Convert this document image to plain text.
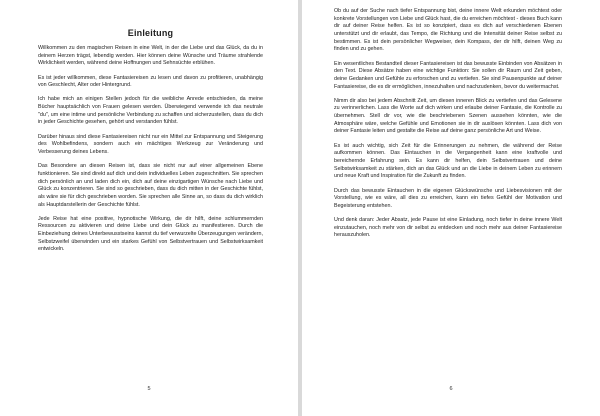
Einleitung

Willkommen zu den magischen Reisen in eine Welt, in der die Liebe und das Glück, da du in deinem Herzen trägst, lebendig werden. Hier können deine Wünsche und Träume strahlende Wirklichkeit werden, während deine Hoffnungen und Sehnsüchte erblühen.

Es ist jeder willkommen, diese Fantasiereisen zu lesen und davon zu profitieren, unabhängig von Geschlecht, Alter oder Hintergrund.

Ich habe mich an einigen Stellen jedoch für die weibliche Anrede entschieden, da meine Bücher hauptsächlich von Frauen gelesen werden. Überwiegend verwende ich das neutrale "du", um eine intime und persönliche Verbindung zu schaffen und sicherzustellen, dass du dich in jeder Geschichte gesehen, gehört und verstanden fühlst.

Darüber hinaus sind diese Fantasiereisen nicht nur ein Mittel zur Entspannung und Steigerung des Wohlbefindens, sondern auch ein mächtiges Werkzeug zur Veränderung und Verbesserung deines Lebens.

Das Besondere an diesen Reisen ist, dass sie nicht nur auf einer allgemeinen Ebene funktionieren. Sie sind direkt auf dich und dein individuelles Leben zugeschnitten. Sie sprechen dich persönlich an und laden dich ein, dich auf deine einzigartigen Wünsche nach Liebe und Glück zu konzentrieren. Sie sind so geschrieben, dass du dich mitten in der Geschichte fühlst, als wäre sie für dich geschrieben worden. Sie sprechen alle Sinne an, so dass du dich wirklich als Hauptdarstellerin der Geschichte fühlst.

Jede Reise hat eine positive, hypnotische Wirkung, die dir hilft, deine schlummernden Ressourcen zu aktivieren und deine Liebe und dein Glück zu manifestieren. Durch die Einbeziehung deines Unterbewusstseins kannst du tief verwurzelte Überzeugungen verändern, Selbstzweifel überwinden und ein starkes Gefühl von Selbstvertrauen und Selbstwirksamkeit entwickeln.

5

Ob du auf der Suche nach tiefer Entspannung bist, deine innere Welt erkunden möchtest oder konkrete Vorstellungen von Liebe und Glück hast, die du erreichen möchtest - dieses Buch kann dir auf deiner Reise helfen. Es ist so konzipiert, dass es dich auf verschiedenen Ebenen unterstützt und dir erlaubt, das Tempo, die Richtung und die Intensität deiner Reise selbst zu bestimmen. Es ist dein persönlicher Wegweiser, dein Kompass, der dir hilft, deinen Weg zu finden und zu gehen.

Ein wesentliches Bestandteil dieser Fantasiereisen ist das bewusste Einbinden von Absätzen in den Text. Diese Absätze haben eine wichtige Funktion: Sie sollen dir Raum und Zeit geben, deine Gedanken und Gefühle zu erforschen und zu vertiefen. Sie sind Pausenpunkte auf deiner Fantasiereise, die es dir ermöglichen, innezuhalten und nachzudenken, bevor du weitermachst.

Nimm dir also bei jedem Abschnitt Zeit, um diesen inneren Blick zu vertiefen und das Gelesene zu verinnerlichen. Lass die Worte auf dich wirken und erlaube deiner Fantasie, die Kontrolle zu übernehmen. Stell dir vor, wie die beschriebenen Szenen aussehen könnten, wie die Atmosphäre wäre, welche Gefühle und Emotionen sie in dir auslösen könnten. Lass dich von deiner Fantasie leiten und gestalte die Reise auf deine ganz persönliche Art und Weise.

Es ist auch wichtig, sich Zeit für die Erinnerungen zu nehmen, die während der Reise aufkommen können. Das Eintauchen in die Vergangenheit kann eine kraftvolle und bereichernde Erfahrung sein. Es kann dir helfen, dein Selbstvertrauen und deine Selbstwirksamkeit zu stärken, dich an das Glück und an die Liebe in deinem Leben zu erinnern und neue Kraft und Inspiration für die Zukunft zu finden.

Durch das bewusste Eintauchen in die eigenen Glückswünsche und Liebesvisionen mit der Vorstellung, wie es wäre, all dies zu erreichen, kann ein tiefes Gefühl der Motivation und Begeisterung entstehen.

Und denk daran: Jeder Absatz, jede Pause ist eine Einladung, noch tiefer in deine innere Welt einzutauchen, noch mehr von dir selbst zu entdecken und noch mehr aus deiner Fantasiereise herauszuholen.

6
